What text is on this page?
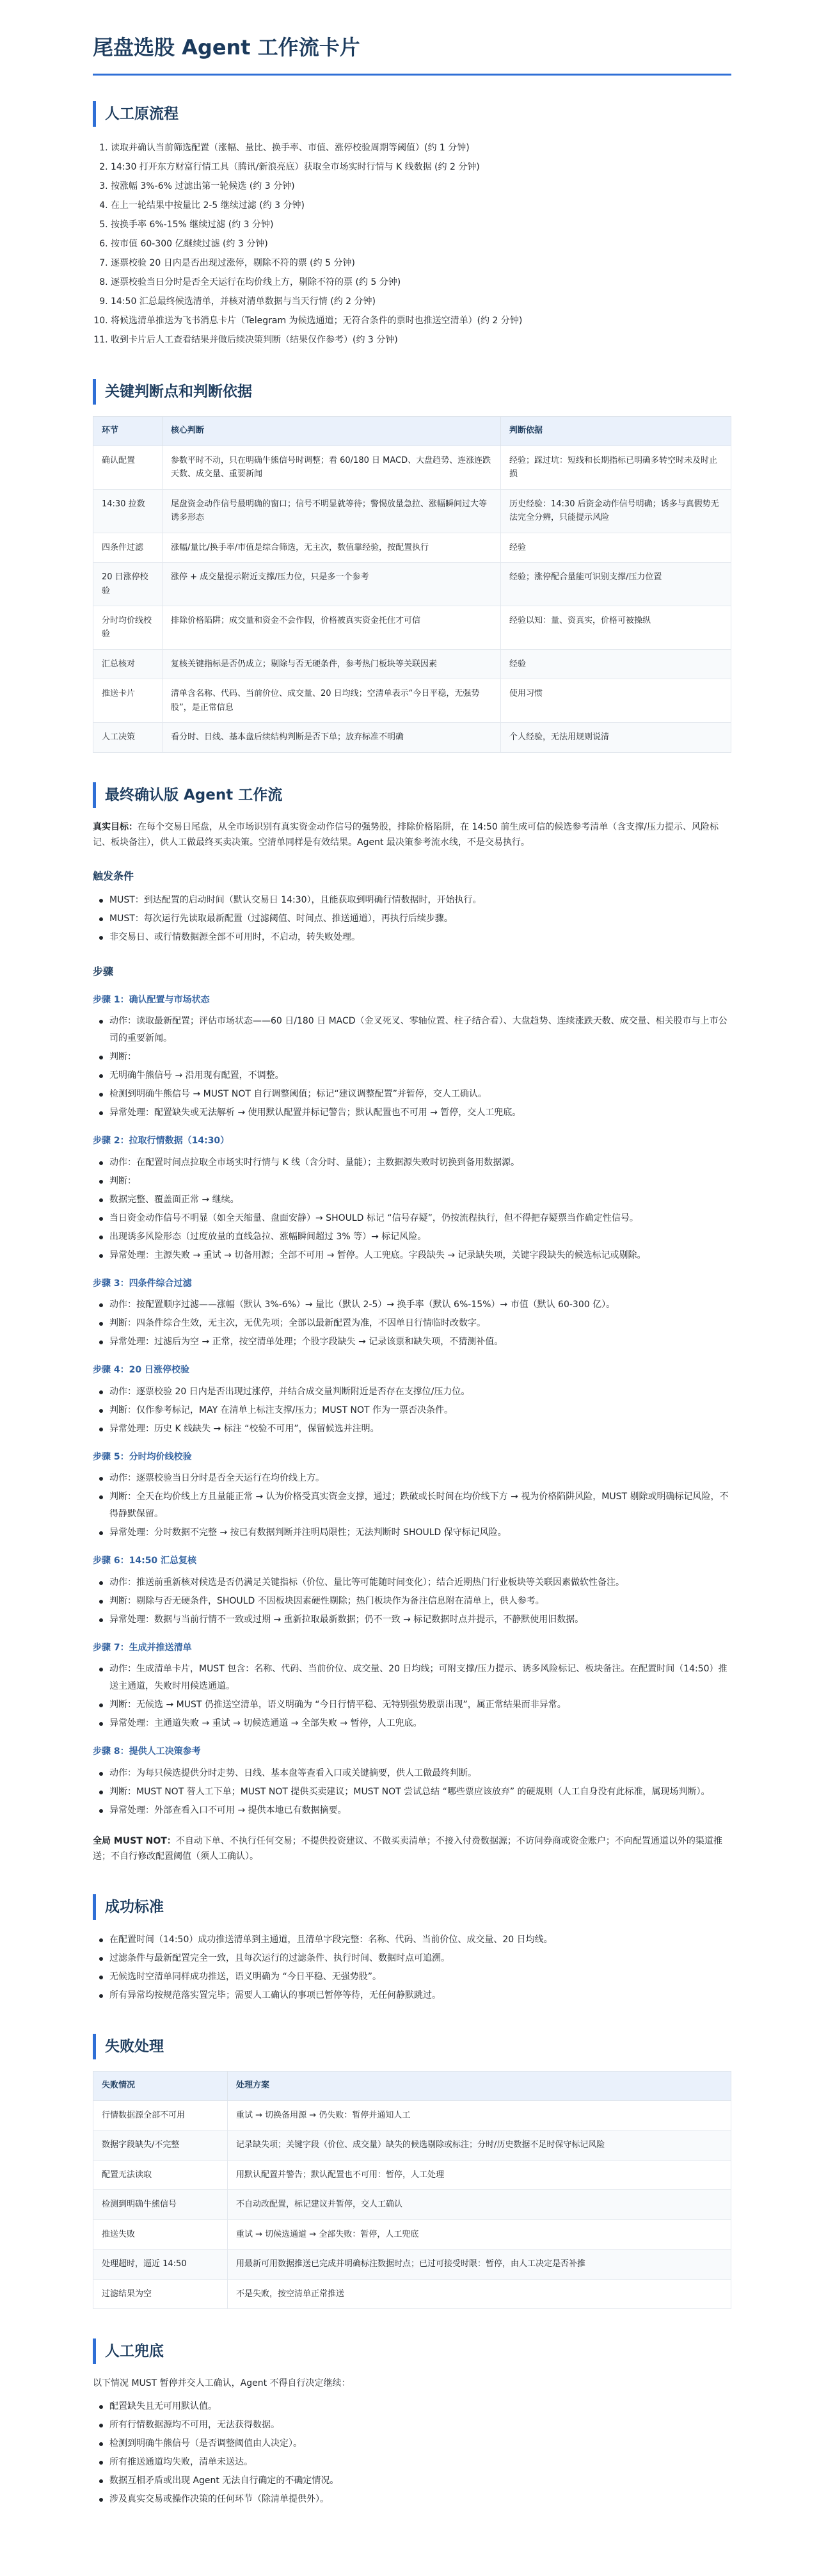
尾盘选股 Agent 工作流卡片
人工原流程
1. 读取并确认当前筛选配置（涨幅、量比、换手率、市值、涨停校验周期等阈值）(约 1 分钟)
2. 14:30 打开东方财富行情工具（腾讯/新浪亮底）获取全市场实时行情与 K 线数据 (约 2 分钟)
3. 按涨幅 3%-6% 过滤出第一轮候选 (约 3 分钟)
4. 在上一轮结果中按量比 2-5 继续过滤 (约 3 分钟)
5. 按换手率 6%-15% 继续过滤 (约 3 分钟)
6. 按市值 60-300 亿继续过滤 (约 3 分钟)
7. 逐票校验 20 日内是否出现过涨停，剔除不符的票 (约 5 分钟)
8. 逐票校验当日分时是否全天运行在均价线上方，剔除不符的票 (约 5 分钟)
9. 14:50 汇总最终候选清单，并核对清单数据与当天行情 (约 2 分钟)
10. 将候选清单推送为飞书消息卡片（Telegram 为候选通道；无符合条件的票时也推送空清单）(约 2 分钟)
11. 收到卡片后人工查看结果并做后续决策判断（结果仅作参考）(约 3 分钟)
关键判断点和判断依据
环节	核心判断	判断依据
确认配置	参数平时不动，只在明确牛熊信号时调整；看 60/180 日 MACD、大盘趋势、连涨连跌天数、成交量、重要新闻	经验；踩过坑：短线和长期指标已明确多转空时未及时止损
14:30 拉数	尾盘资金动作信号最明确的窗口；信号不明显就等待；警惕放量急拉、涨幅瞬间过大等诱多形态	历史经验：14:30 后资金动作信号明确；诱多与真假势无法完全分辨，只能提示风险
四条件过滤	涨幅/量比/换手率/市值是综合筛选，无主次，数值靠经验，按配置执行	经验
20 日涨停校验	涨停 + 成交量提示附近支撑/压力位，只是多一个参考	经验；涨停配合量能可识别支撑/压力位置
分时均价线校验	排除价格陷阱；成交量和资金不会作假，价格被真实资金托住才可信	经验以知：量、资真实，价格可被操纵
汇总核对	复核关键指标是否仍成立；剔除与否无硬条件，参考热门板块等关联因素	经验
推送卡片	清单含名称、代码、当前价位、成交量、20 日均线；空清单表示“今日平稳，无强势股”，是正常信息	使用习惯
人工决策	看分时、日线、基本盘后续结构判断是否下单；放弃标准不明确	个人经验，无法用规则说清
最终确认版 Agent 工作流

真实目标：在每个交易日尾盘，从全市场识别有真实资金动作信号的强势股，排除价格陷阱，在 14:50 前生成可信的候选参考清单（含支撑/压力提示、风险标记、板块备注），供人工做最终买卖决策。空清单同样是有效结果。Agent 最决策参考流水线，不是交易执行。

触发条件
MUST：到达配置的启动时间（默认交易日 14:30），且能获取到明确行情数据时，开始执行。
MUST：每次运行先读取最新配置（过滤阈值、时间点、推送通道），再执行后续步骤。
非交易日、或行情数据源全部不可用时，不启动，转失败处理。
步骤
步骤 1：确认配置与市场状态
动作：读取最新配置；评估市场状态——60 日/180 日 MACD（金叉死叉、零轴位置、柱子结合看）、大盘趋势、连续涨跌天数、成交量、相关股市与上市公司的重要新闻。
判断：
无明确牛熊信号 → 沿用现有配置，不调整。
检测到明确牛熊信号 → MUST NOT 自行调整阈值；标记“建议调整配置”并暂停，交人工确认。
异常处理：配置缺失或无法解析 → 使用默认配置并标记警告；默认配置也不可用 → 暂停，交人工兜底。
步骤 2：拉取行情数据（14:30）
动作：在配置时间点拉取全市场实时行情与 K 线（含分时、量能）；主数据源失败时切换到备用数据源。
判断：
数据完整、覆盖面正常 → 继续。
当日资金动作信号不明显（如全天缩量、盘面安静）→ SHOULD 标记 “信号存疑”，仍按流程执行，但不得把存疑票当作确定性信号。
出现诱多风险形态（过度放量的直线急拉、涨幅瞬间超过 3% 等）→ 标记风险。
异常处理：主源失败 → 重试 → 切备用源；全部不可用 → 暂停。人工兜底。字段缺失 → 记录缺失项，关键字段缺失的候选标记或剔除。
步骤 3：四条件综合过滤
动作：按配置顺序过滤——涨幅（默认 3%-6%）→ 量比（默认 2-5）→ 换手率（默认 6%-15%）→ 市值（默认 60-300 亿）。
判断：四条件综合生效，无主次，无优先项；全部以最新配置为准，不因单日行情临时改数字。
异常处理：过滤后为空 → 正常，按空清单处理；个股字段缺失 → 记录该票和缺失项，不猜测补值。
步骤 4：20 日涨停校验
动作：逐票校验 20 日内是否出现过涨停，并结合成交量判断附近是否存在支撑位/压力位。
判断：仅作参考标记，MAY 在清单上标注支撑/压力；MUST NOT 作为一票否决条件。
异常处理：历史 K 线缺失 → 标注 “校验不可用”，保留候选并注明。
步骤 5：分时均价线校验
动作：逐票校验当日分时是否全天运行在均价线上方。
判断：全天在均价线上方且量能正常 → 认为价格受真实资金支撑，通过；跌破或长时间在均价线下方 → 视为价格陷阱风险，MUST 剔除或明确标记风险，不得静默保留。
异常处理：分时数据不完整 → 按已有数据判断并注明局限性；无法判断时 SHOULD 保守标记风险。
步骤 6：14:50 汇总复核
动作：推送前重新核对候选是否仍满足关键指标（价位、量比等可能随时间变化）；结合近期热门行业板块等关联因素做软性备注。
判断：剔除与否无硬条件，SHOULD 不因板块因素硬性剔除；热门板块作为备注信息附在清单上，供人参考。
异常处理：数据与当前行情不一致或过期 → 重新拉取最新数据；仍不一致 → 标记数据时点并提示，不静默使用旧数据。
步骤 7：生成并推送清单
动作：生成清单卡片，MUST 包含：名称、代码、当前价位、成交量、20 日均线；可附支撑/压力提示、诱多风险标记、板块备注。在配置时间（14:50）推送主通道，失败时用候选通道。
判断：无候选 → MUST 仍推送空清单，语义明确为 “今日行情平稳、无特别强势股票出现”，属正常结果而非异常。
异常处理：主通道失败 → 重试 → 切候选通道 → 全部失败 → 暂停，人工兜底。
步骤 8：提供人工决策参考
动作：为每只候选提供分时走势、日线、基本盘等查看入口或关键摘要，供人工做最终判断。
判断：MUST NOT 替人工下单；MUST NOT 提供买卖建议；MUST NOT 尝试总结 “哪些票应该放弃” 的硬规则（人工自身没有此标准，属现场判断）。
异常处理：外部查看入口不可用 → 提供本地已有数据摘要。

全局 MUST NOT：不自动下单、不执行任何交易；不提供投资建议、不做买卖清单；不接入付费数据源；不访问券商或资金账户；不向配置通道以外的渠道推送；不自行修改配置阈值（须人工确认）。

成功标准
在配置时间（14:50）成功推送清单到主通道，且清单字段完整：名称、代码、当前价位、成交量、20 日均线。
过滤条件与最新配置完全一致，且每次运行的过滤条件、执行时间、数据时点可追溯。
无候选时空清单同样成功推送，语义明确为 “今日平稳、无强势股”。
所有异常均按规范落实置完毕；需要人工确认的事项已暂停等待，无任何静默跳过。
失败处理
失败情况	处理方案
行情数据源全部不可用	重试 → 切换备用源 → 仍失败：暂停并通知人工
数据字段缺失/不完整	记录缺失项；关键字段（价位、成交量）缺失的候选剔除或标注；分时/历史数据不足时保守标记风险
配置无法读取	用默认配置并警告；默认配置也不可用：暂停，人工处理
检测到明确牛熊信号	不自动改配置，标记建议并暂停，交人工确认
推送失败	重试 → 切候选通道 → 全部失败：暂停，人工兜底
处理超时，逼近 14:50	用最新可用数据推送已完成并明确标注数据时点；已过可接受时限：暂停，由人工决定是否补推
过滤结果为空	不是失败，按空清单正常推送
人工兜底

以下情况 MUST 暂停并交人工确认，Agent 不得自行决定继续：

配置缺失且无可用默认值。
所有行情数据源均不可用，无法获得数据。
检测到明确牛熊信号（是否调整阈值由人决定）。
所有推送通道均失败，清单未送达。
数据互相矛盾或出现 Agent 无法自行确定的不确定情况。
涉及真实交易或操作决策的任何环节（除清单提供外）。
